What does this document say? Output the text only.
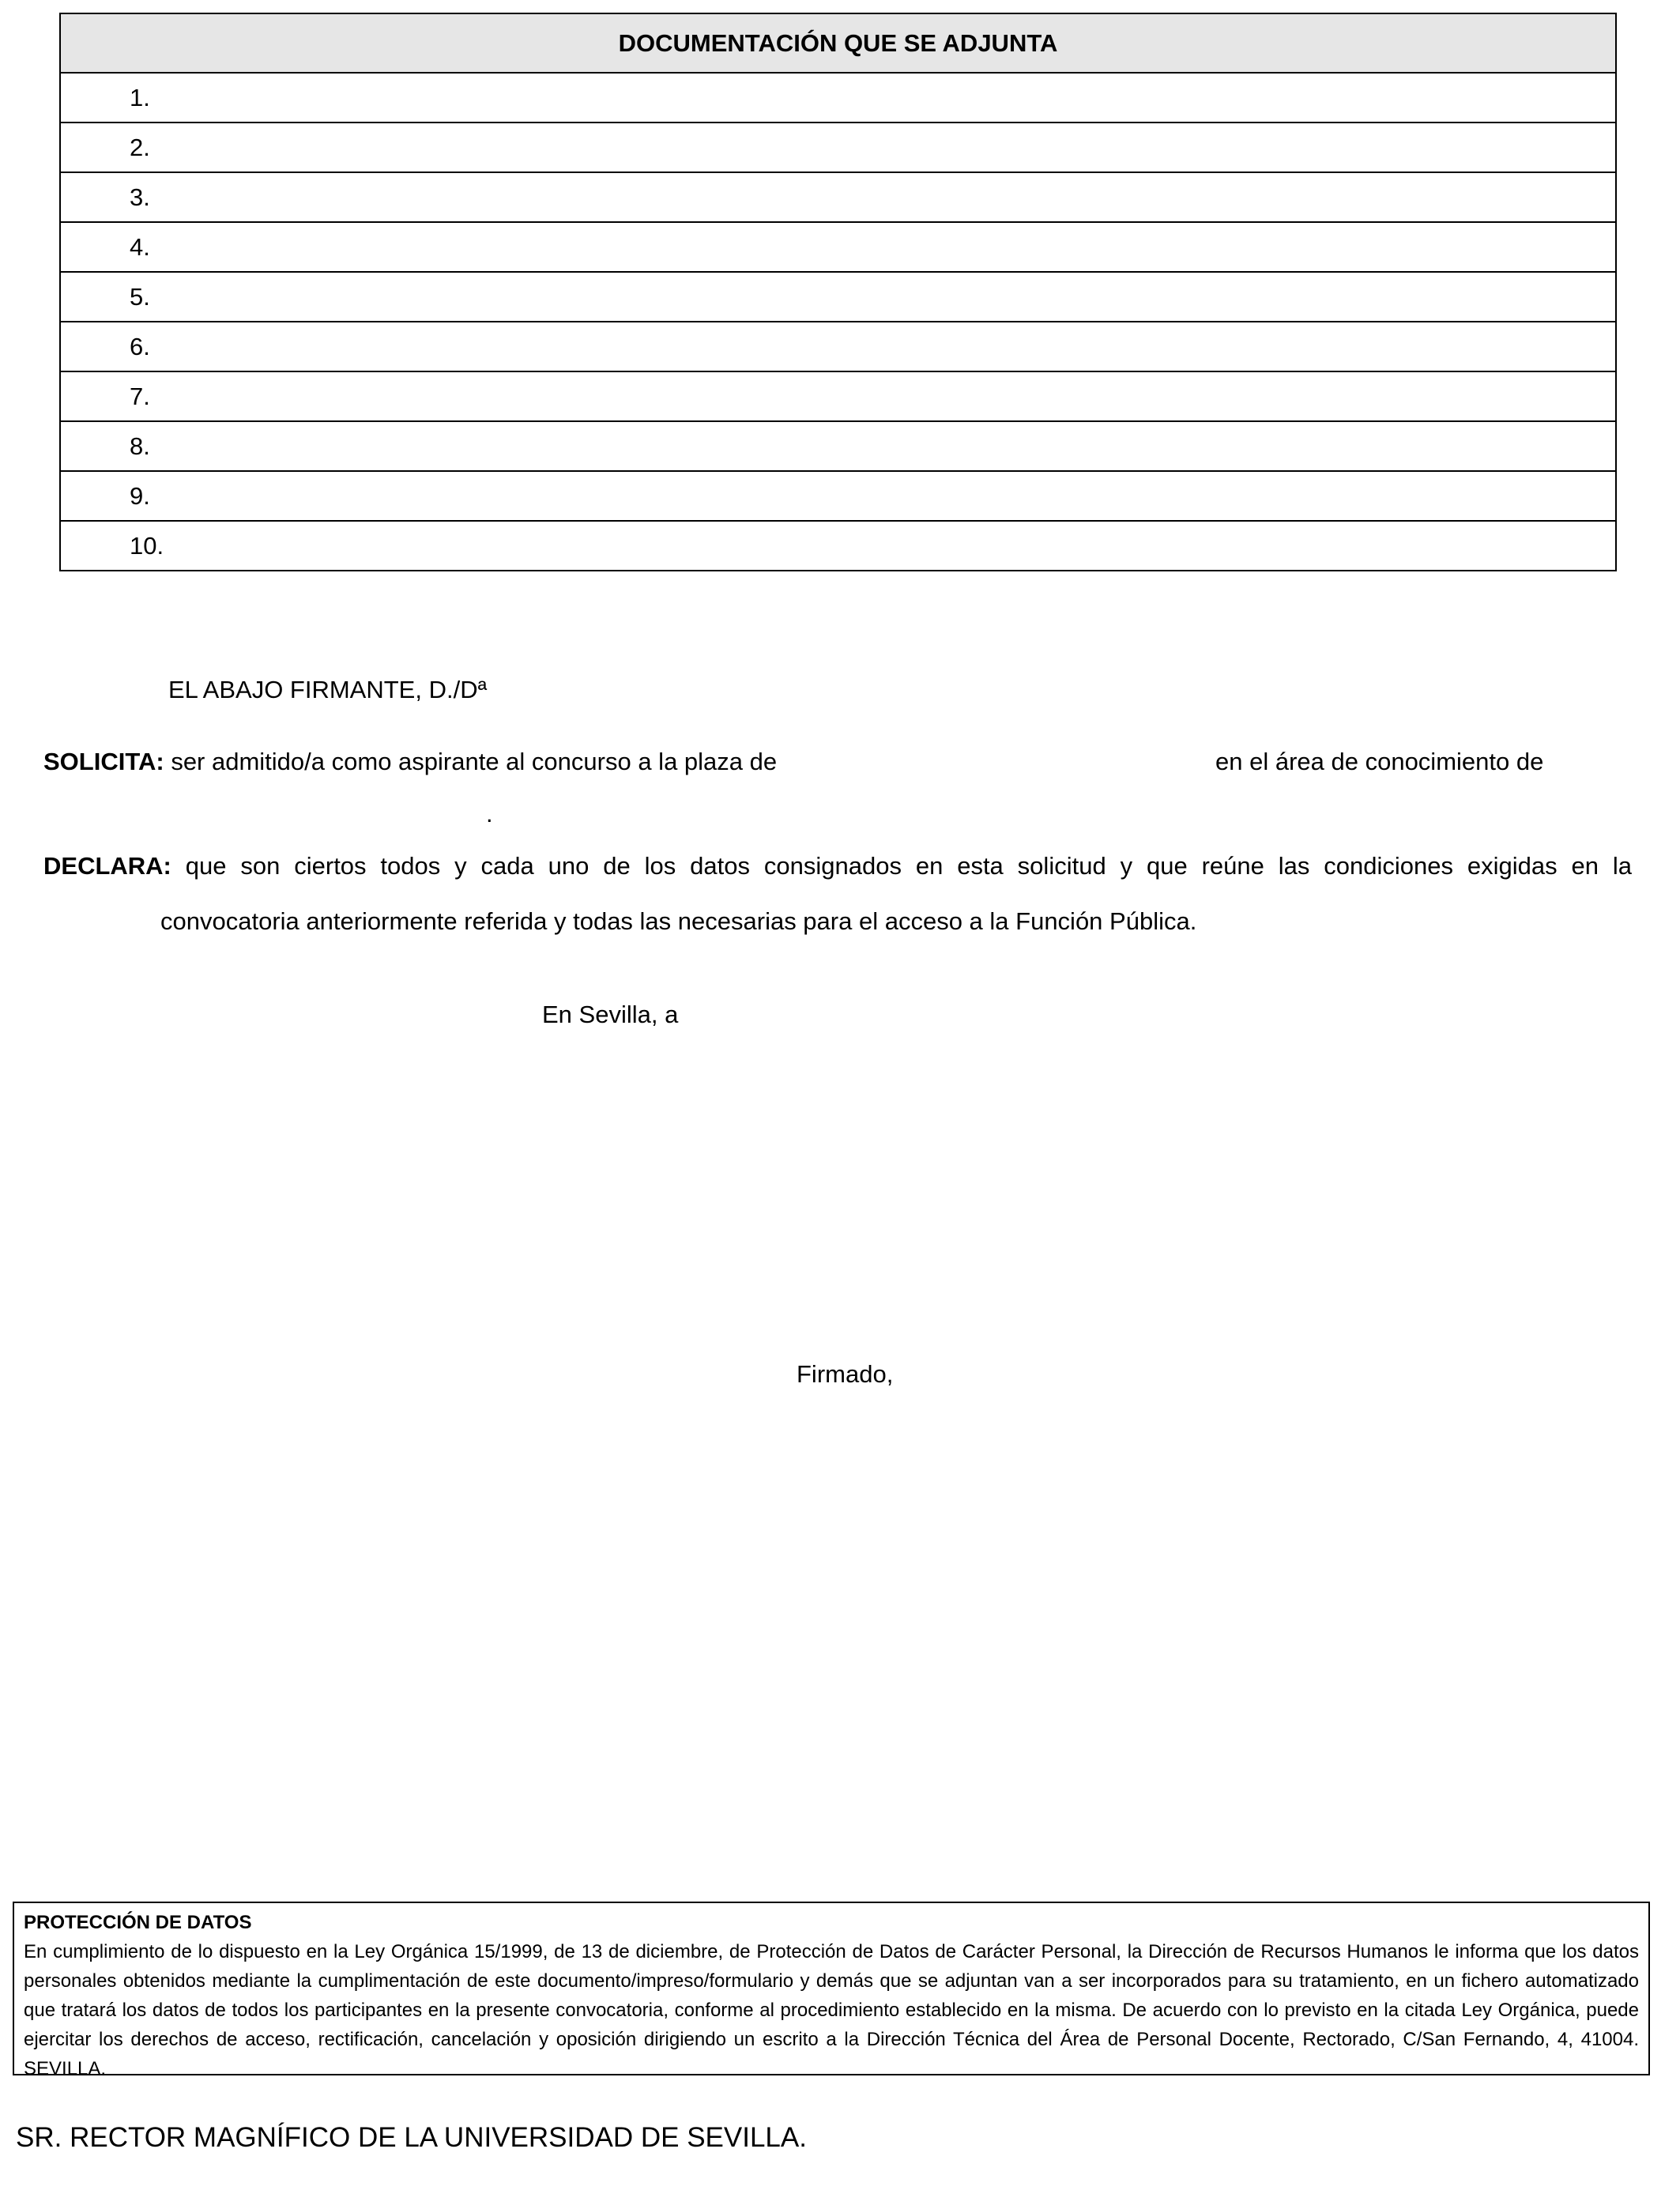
DOCUMENTACIÓN QUE SE ADJUNTA
1.
2.
3.
4.
5.
6.
7.
8.
9.
10.
EL ABAJO FIRMANTE, D./Dª
SOLICITA: ser admitido/a como aspirante al concurso a la plaza de	en el área de conocimiento de
.
DECLARA: que son ciertos todos y cada uno de los datos consignados en esta solicitud y que reúne las condiciones exigidas en la
convocatoria anteriormente referida y todas las necesarias para el acceso a la Función Pública.
En Sevilla, a
Firmado,
PROTECCIÓN DE DATOS
En cumplimiento de lo dispuesto en la Ley Orgánica 15/1999, de 13 de diciembre, de Protección de Datos de Carácter Personal, la Dirección de Recursos Humanos le informa que los datos personales obtenidos mediante la cumplimentación de este documento/impreso/formulario y demás que se adjuntan van a ser incorporados para su tratamiento, en un fichero automatizado que tratará los datos de todos los participantes en la presente convocatoria, conforme al procedimiento establecido en la misma. De acuerdo con lo previsto en la citada Ley Orgánica, puede ejercitar los derechos de acceso, rectificación, cancelación y oposición dirigiendo un escrito a la Dirección Técnica del Área de Personal Docente, Rectorado, C/San Fernando, 4, 41004. SEVILLA.
SR. RECTOR MAGNÍFICO DE LA UNIVERSIDAD DE SEVILLA.
